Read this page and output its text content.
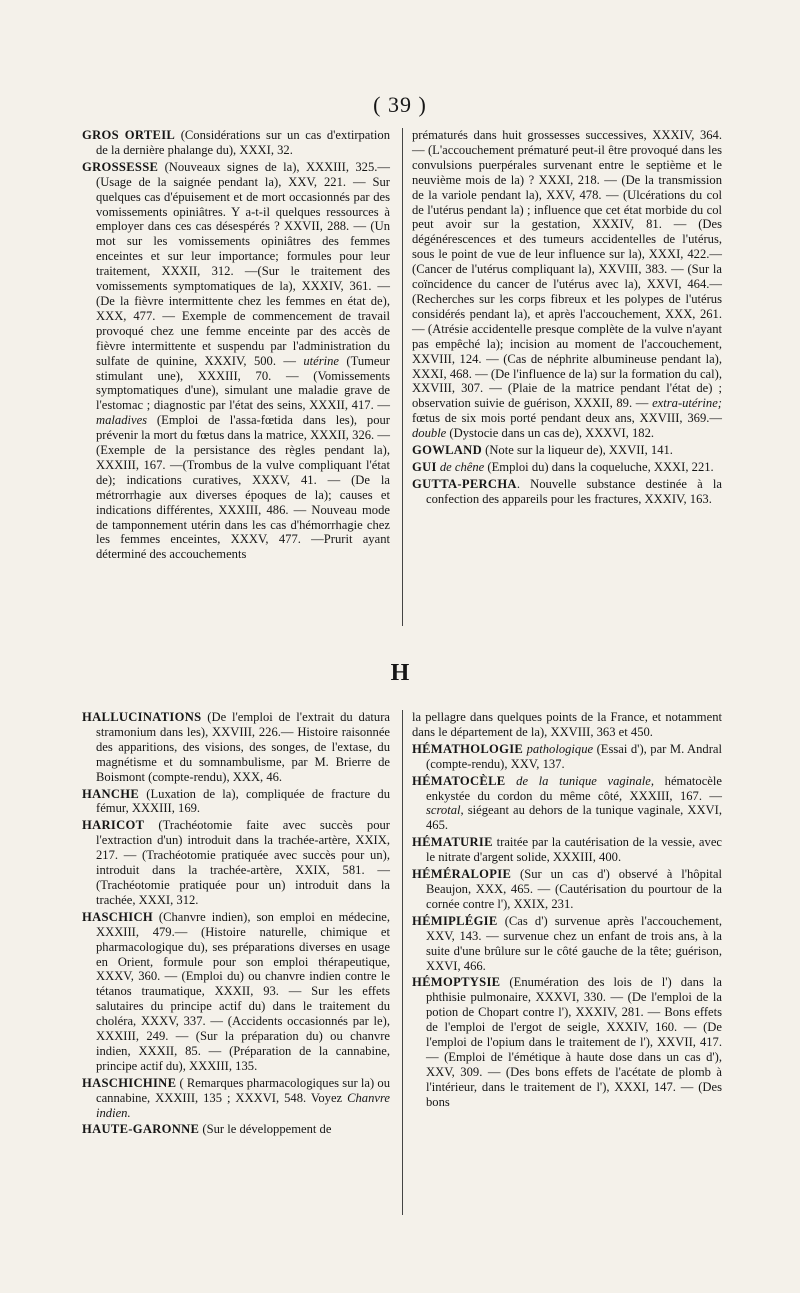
( 39 )

GROS ORTEIL (Considérations sur un cas d'extirpation de la dernière phalange du), XXXI, 32.

GROSSESSE (Nouveaux signes de la), XXXIII, 325.—(Usage de la saignée pendant la), XXV, 221. — Sur quelques cas d'épuisement et de mort occasionnés par des vomissements opiniâtres. Y a-t-il quelques ressources à employer dans ces cas désespérés ? XXVII, 288. — (Un mot sur les vomissements opiniâtres des femmes enceintes et sur leur importance; formules pour leur traitement, XXXII, 312. —(Sur le traitement des vomissements symptomatiques de la), XXXIV, 361. — (De la fièvre intermittente chez les femmes en état de), XXX, 477. — Exemple de commencement de travail provoqué chez une femme enceinte par des accès de fièvre intermittente et suspendu par l'administration du sulfate de quinine, XXXIV, 500. — utérine (Tumeur stimulant une), XXXIII, 70. — (Vomissements symptomatiques d'une), simulant une maladie grave de l'estomac ; diagnostic par l'état des seins, XXXII, 417. — maladives (Emploi de l'assa-fœtida dans les), pour prévenir la mort du fœtus dans la matrice, XXXII, 326. —(Exemple de la persistance des règles pendant la), XXXIII, 167. —(Trombus de la vulve compliquant l'état de); indications curatives, XXXV, 41. — (De la métrorrhagie aux diverses époques de la); causes et indications différentes, XXXIII, 486. — Nouveau mode de tamponnement utérin dans les cas d'hémorrhagie chez les femmes enceintes, XXXV, 477. —Prurit ayant déterminé des accouchements

prématurés dans huit grossesses successives, XXXIV, 364. — (L'accouchement prématuré peut-il être provoqué dans les convulsions puerpérales survenant entre le septième et le neuvième mois de la) ? XXXI, 218. — (De la transmission de la variole pendant la), XXV, 478. — (Ulcérations du col de l'utérus pendant la) ; influence que cet état morbide du col peut avoir sur la gestation, XXXIV, 81. — (Des dégénérescences et des tumeurs accidentelles de l'utérus, sous le point de vue de leur influence sur la), XXXI, 422.—(Cancer de l'utérus compliquant la), XXVIII, 383. — (Sur la coïncidence du cancer de l'utérus avec la), XXVI, 464.—(Recherches sur les corps fibreux et les polypes de l'utérus considérés pendant la), et après l'accouchement, XXX, 261. — (Atrésie accidentelle presque complète de la vulve n'ayant pas empêché la); incision au moment de l'accouchement, XXVIII, 124. — (Cas de néphrite albumineuse pendant la), XXXI, 468. — (De l'influence de la) sur la formation du cal), XXVIII, 307. — (Plaie de la matrice pendant l'état de) ; observation suivie de guérison, XXXII, 89. — extra-utérine; fœtus de six mois porté pendant deux ans, XXVIII, 369.— double (Dystocie dans un cas de), XXXVI, 182.

GOWLAND (Note sur la liqueur de), XXVII, 141.

GUI de chêne (Emploi du) dans la coqueluche, XXXI, 221.

GUTTA-PERCHA. Nouvelle substance destinée à la confection des appareils pour les fractures, XXXIV, 163.

H

HALLUCINATIONS (De l'emploi de l'extrait du datura stramonium dans les), XXVIII, 226.— Histoire raisonnée des apparitions, des visions, des songes, de l'extase, du magnétisme et du somnambulisme, par M. Brierre de Boismont (compte-rendu), XXX, 46.

HANCHE (Luxation de la), compliquée de fracture du fémur, XXXIII, 169.

HARICOT (Trachéotomie faite avec succès pour l'extraction d'un) introduit dans la trachée-artère, XXIX, 217. — (Trachéotomie pratiquée avec succès pour un), introduit dans la trachée-artère, XXIX, 581. — (Trachéotomie pratiquée pour un) introduit dans la trachée, XXXI, 312.

HASCHICH (Chanvre indien), son emploi en médecine, XXXIII, 479.— (Histoire naturelle, chimique et pharmacologique du), ses préparations diverses en usage en Orient, formule pour son emploi thérapeutique, XXXV, 360. — (Emploi du) ou chanvre indien contre le tétanos traumatique, XXXII, 93. — Sur les effets salutaires du principe actif du) dans le traitement du choléra, XXXV, 337. — (Accidents occasionnés par le), XXXIII, 249. — (Sur la préparation du) ou chanvre indien, XXXII, 85. — (Préparation de la cannabine, principe actif du), XXXIII, 135.

HASCHICHINE ( Remarques pharmacologiques sur la) ou cannabine, XXXIII, 135 ; XXXVI, 548. Voyez Chanvre indien.

HAUTE-GARONNE (Sur le développement de

la pellagre dans quelques points de la France, et notamment dans le département de la), XXVIII, 363 et 450.

HÉMATHOLOGIE pathologique (Essai d'), par M. Andral (compte-rendu), XXV, 137.

HÉMATOCÈLE de la tunique vaginale, hématocèle enkystée du cordon du même côté, XXXIII, 167. — scrotal, siégeant au dehors de la tunique vaginale, XXVI, 465.

HÉMATURIE traitée par la cautérisation de la vessie, avec le nitrate d'argent solide, XXXIII, 400.

HÉMÉRALOPIE (Sur un cas d') observé à l'hôpital Beaujon, XXX, 465. — (Cautérisation du pourtour de la cornée contre l'), XXIX, 231.

HÉMIPLÉGIE (Cas d') survenue après l'accouchement, XXV, 143. — survenue chez un enfant de trois ans, à la suite d'une brûlure sur le côté gauche de la tête; guérison, XXVI, 466.

HÉMOPTYSIE (Enumération des lois de l') dans la phthisie pulmonaire, XXXVI, 330. — (De l'emploi de la potion de Chopart contre l'), XXXIV, 281. — Bons effets de l'emploi de l'ergot de seigle, XXXIV, 160. — (De l'emploi de l'opium dans le traitement de l'), XXVII, 417. — (Emploi de l'émétique à haute dose dans un cas d'), XXV, 309. — (Des bons effets de l'acétate de plomb à l'intérieur, dans le traitement de l'), XXXI, 147. — (Des bons
